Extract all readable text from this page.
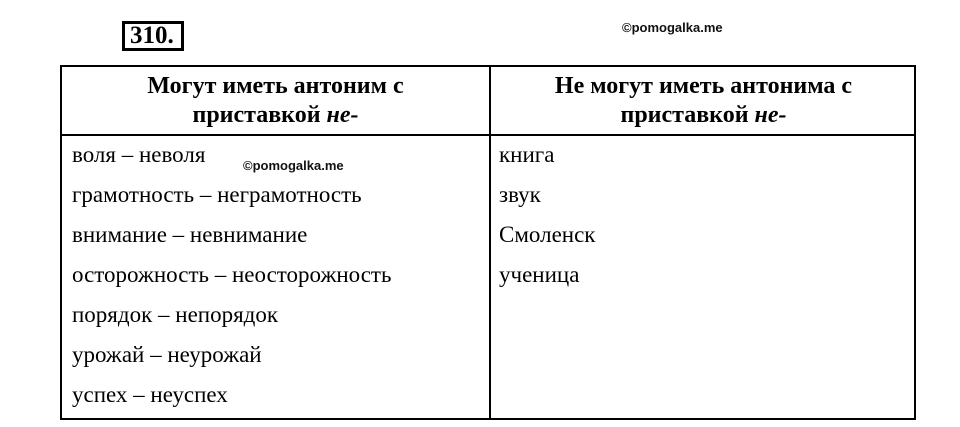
310.	©pomogalka.me
Могут иметь антоним с
приставкой не-
Не могут иметь антонима с
приставкой не-
воля – неволя
грамотность – неграмотность
внимание – невнимание
осторожность – неосторожность
порядок – непорядок
урожай – неурожай
успех – неуспех
книга
звук
Смоленск
ученица
©pomogalka.me
